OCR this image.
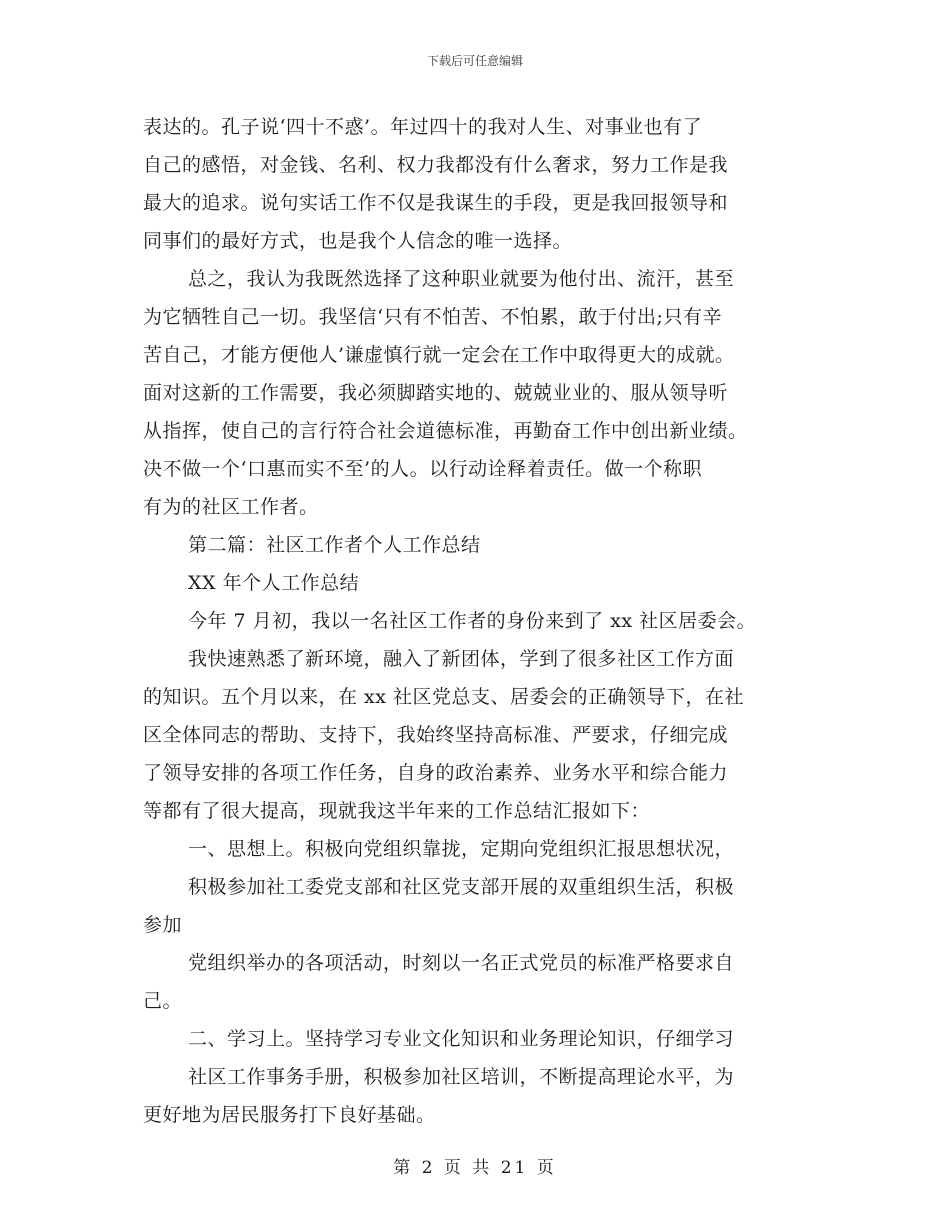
下载后可任意编辑
表达的。孔子说‘四十不惑’。年过四十的我对人生、对事业也有了
自己的感悟，对金钱、名利、权力我都没有什么奢求，努力工作是我
最大的追求。说句实话工作不仅是我谋生的手段，更是我回报领导和
同事们的最好方式，也是我个人信念的唯一选择。
总之，我认为我既然选择了这种职业就要为他付出、流汗，甚至
为它牺牲自己一切。我坚信‘只有不怕苦、不怕累，敢于付出;只有辛
苦自己，才能方便他人’谦虚慎行就一定会在工作中取得更大的成就。
面对这新的工作需要，我必须脚踏实地的、兢兢业业的、服从领导听
从指挥，使自己的言行符合社会道德标准，再勤奋工作中创出新业绩。
决不做一个‘口惠而实不至’的人。以行动诠释着责任。做一个称职
有为的社区工作者。
第二篇：社区工作者个人工作总结
XX 年个人工作总结
今年 7 月初，我以一名社区工作者的身份来到了 xx 社区居委会。
我快速熟悉了新环境，融入了新团体，学到了很多社区工作方面
的知识。五个月以来，在 xx 社区党总支、居委会的正确领导下，在社
区全体同志的帮助、支持下，我始终坚持高标准、严要求，仔细完成
了领导安排的各项工作任务，自身的政治素养、业务水平和综合能力
等都有了很大提高，现就我这半年来的工作总结汇报如下：
一、思想上。积极向党组织靠拢，定期向党组织汇报思想状况，
积极参加社工委党支部和社区党支部开展的双重组织生活，积极
参加
党组织举办的各项活动，时刻以一名正式党员的标准严格要求自
己。
二、学习上。坚持学习专业文化知识和业务理论知识，仔细学习
社区工作事务手册，积极参加社区培训，不断提高理论水平，为
更好地为居民服务打下良好基础。
第 2 页 共 21 页
